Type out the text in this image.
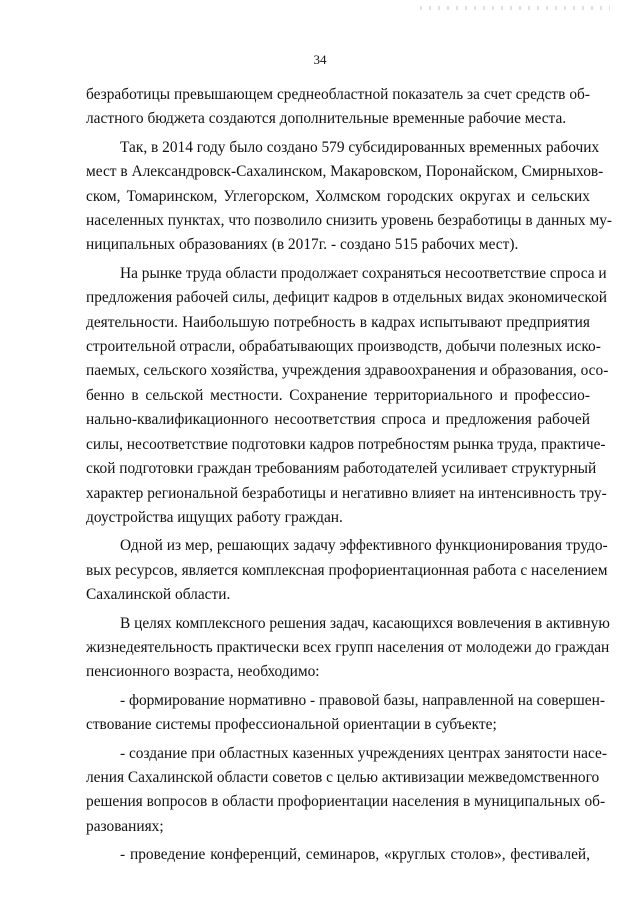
34
безработицы превышающем среднеобластной показатель за счет средств об-
ластного бюджета создаются дополнительные временные рабочие места.
Так, в 2014 году было создано 579 субсидированных временных рабочих
мест в Александровск-Сахалинском, Макаровском, Поронайском, Смирныхов-
ском, Томаринском, Углегорском, Холмском городских округах и сельских
населенных пунктах, что позволило снизить уровень безработицы в данных му-
ниципальных образованиях (в 2017г. - создано 515 рабочих мест).
На рынке труда области продолжает сохраняться несоответствие спроса и
предложения рабочей силы, дефицит кадров в отдельных видах экономической
деятельности. Наибольшую потребность в кадрах испытывают предприятия
строительной отрасли, обрабатывающих производств, добычи полезных иско-
паемых, сельского хозяйства, учреждения здравоохранения и образования, осо-
бенно в сельской местности. Сохранение территориального и профессио-
нально-квалификационного несоответствия спроса и предложения рабочей
силы, несоответствие подготовки кадров потребностям рынка труда, практиче-
ской подготовки граждан требованиям работодателей усиливает структурный
характер региональной безработицы и негативно влияет на интенсивность тру-
доустройства ищущих работу граждан.
Одной из мер, решающих задачу эффективного функционирования трудо-
вых ресурсов, является комплексная профориентационная работа с населением
Сахалинской области.
В целях комплексного решения задач, касающихся вовлечения в активную
жизнедеятельность практически всех групп населения от молодежи до граждан
пенсионного возраста, необходимо:
- формирование нормативно - правовой базы, направленной на совершен-
ствование системы профессиональной ориентации в субъекте;
- создание при областных казенных учреждениях центрах занятости насе-
ления Сахалинской области советов с целью активизации межведомственного
решения вопросов в области профориентации населения в муниципальных об-
разованиях;
- проведение конференций, семинаров, «круглых столов», фестивалей,
